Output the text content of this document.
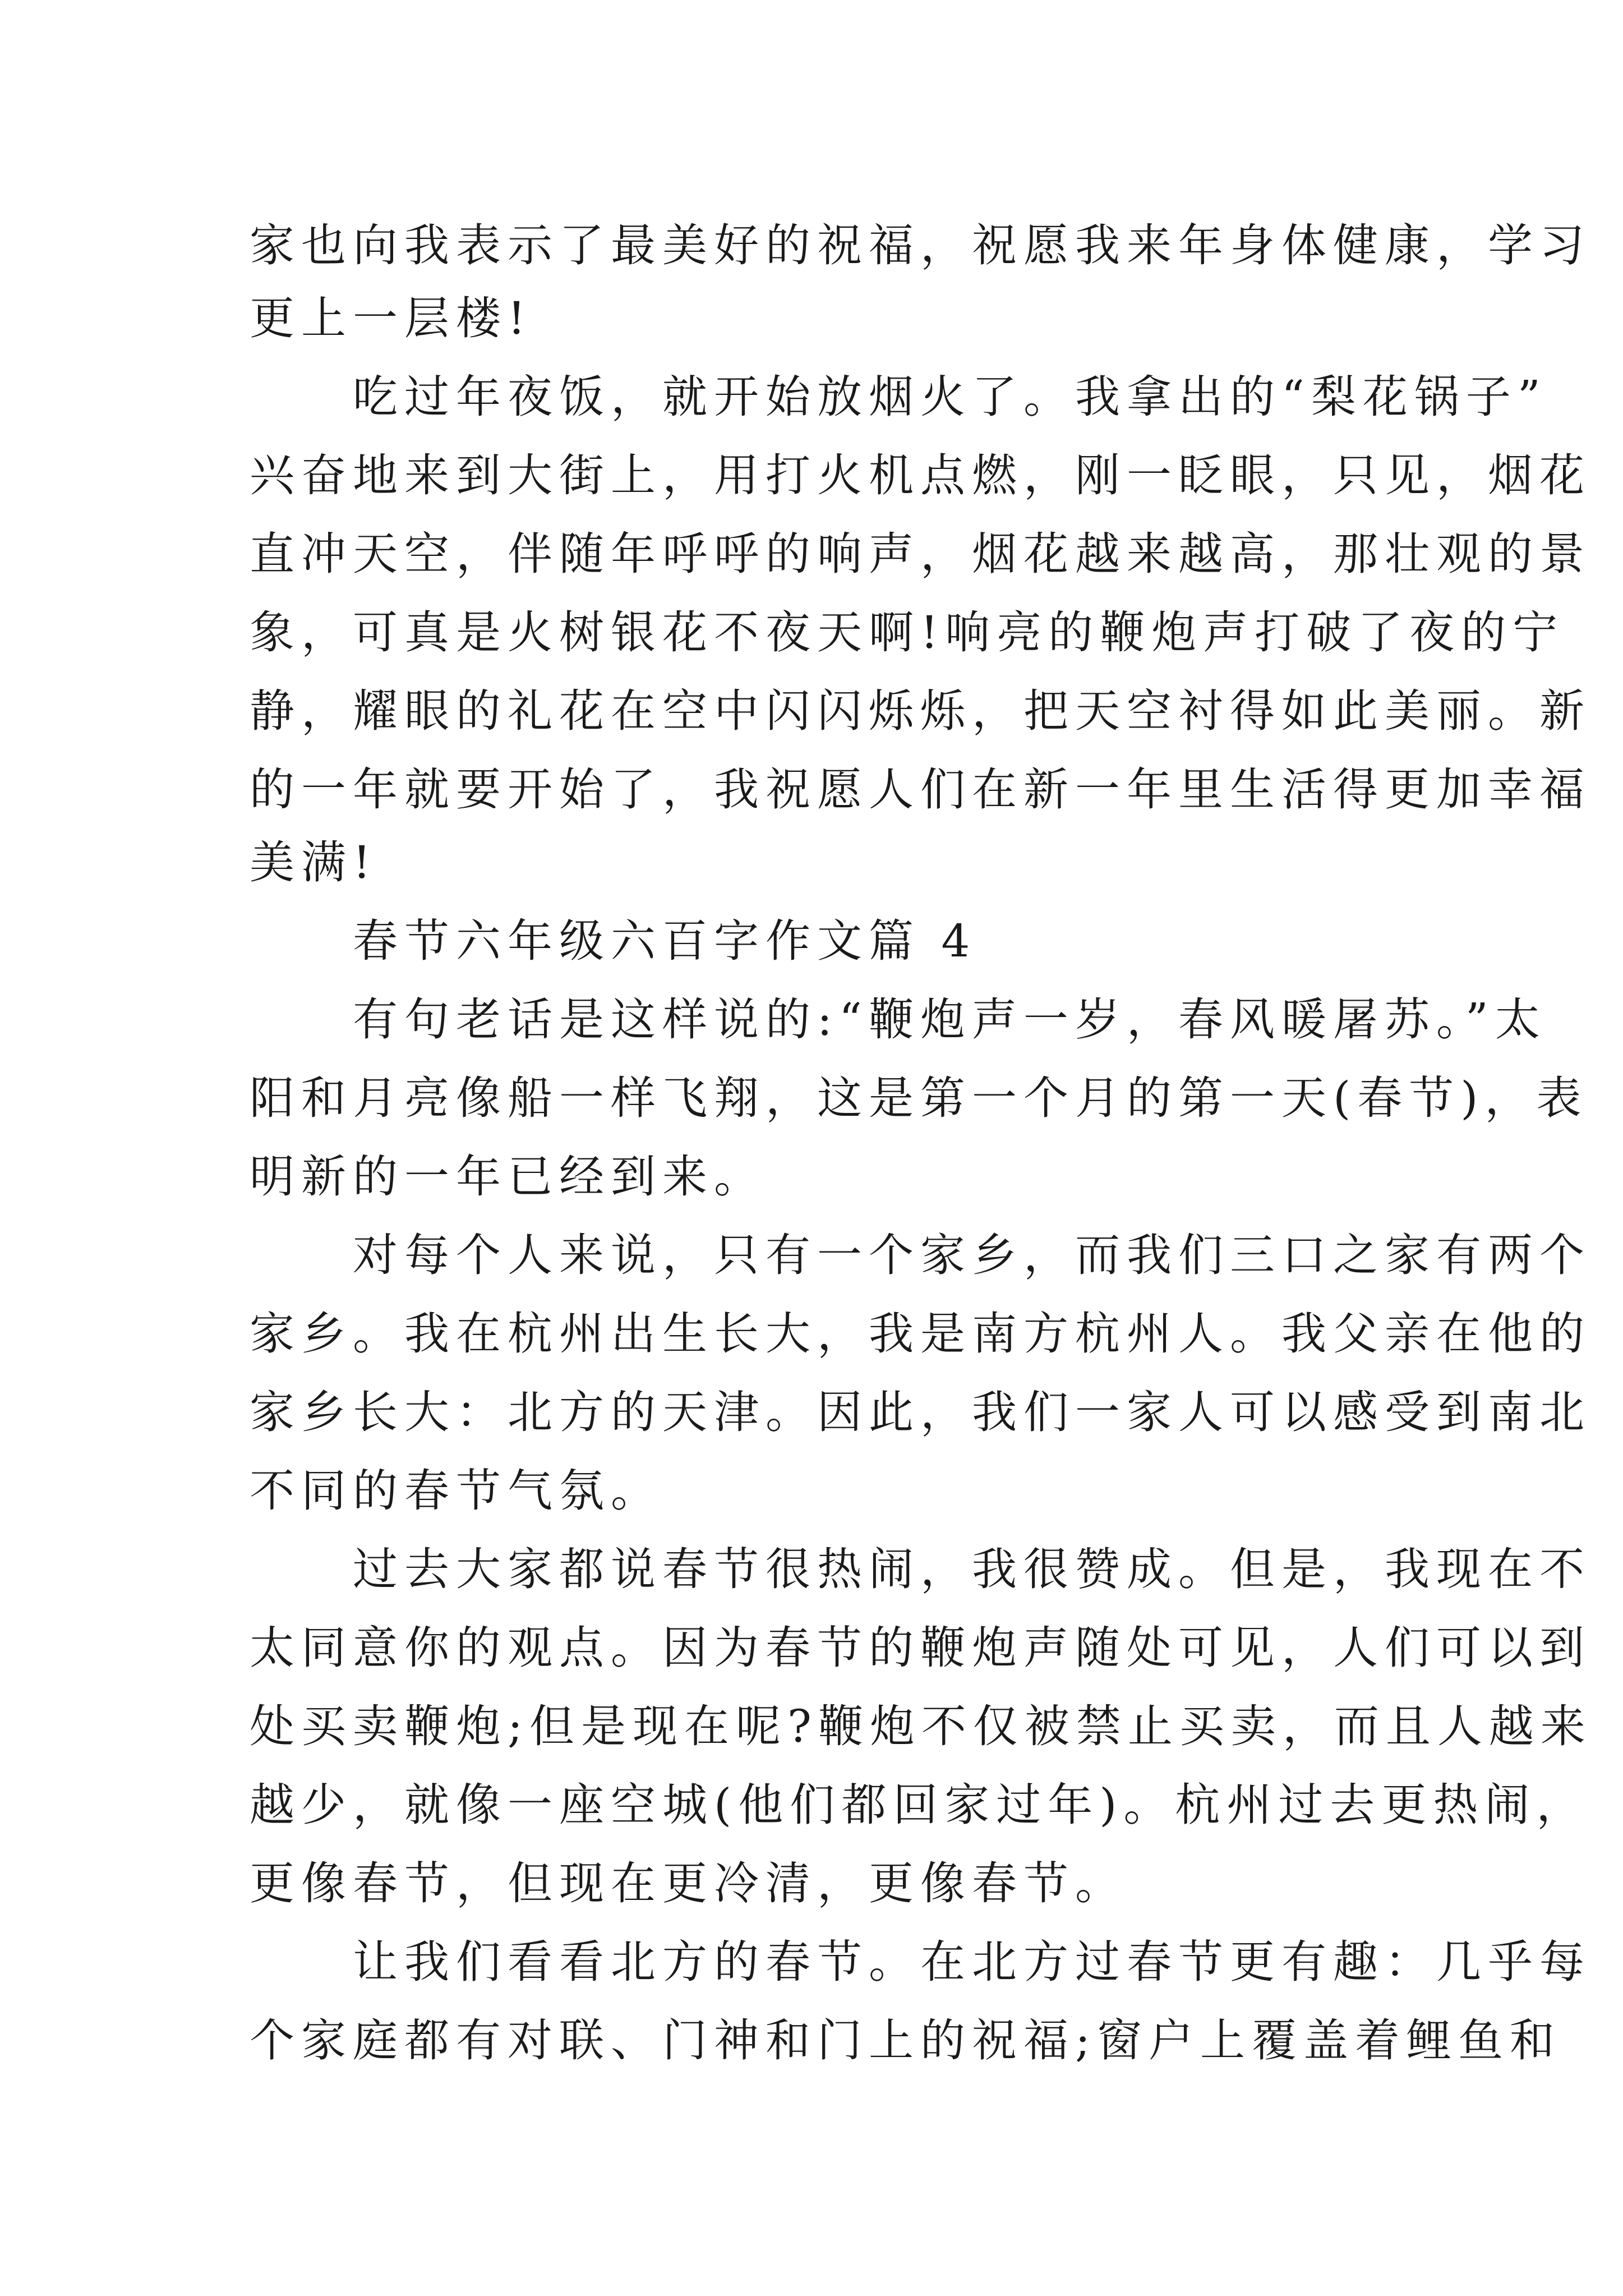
家也向我表示了最美好的祝福，祝愿我来年身体健康，学习
更上一层楼!
　　吃过年夜饭，就开始放烟火了。我拿出的“梨花锅子”
兴奋地来到大街上，用打火机点燃，刚一眨眼，只见，烟花
直冲天空，伴随年呼呼的响声，烟花越来越高，那壮观的景
象，可真是火树银花不夜天啊!响亮的鞭炮声打破了夜的宁
静，耀眼的礼花在空中闪闪烁烁，把天空衬得如此美丽。新
的一年就要开始了，我祝愿人们在新一年里生活得更加幸福
美满!
　　春节六年级六百字作文篇 4
　　有句老话是这样说的:“鞭炮声一岁，春风暖屠苏。”太
阳和月亮像船一样飞翔，这是第一个月的第一天(春节)，表
明新的一年已经到来。
　　对每个人来说，只有一个家乡，而我们三口之家有两个
家乡。我在杭州出生长大，我是南方杭州人。我父亲在他的
家乡长大：北方的天津。因此，我们一家人可以感受到南北
不同的春节气氛。
　　过去大家都说春节很热闹，我很赞成。但是，我现在不
太同意你的观点。因为春节的鞭炮声随处可见，人们可以到
处买卖鞭炮;但是现在呢?鞭炮不仅被禁止买卖，而且人越来
越少，就像一座空城(他们都回家过年)。杭州过去更热闹，
更像春节，但现在更冷清，更像春节。
　　让我们看看北方的春节。在北方过春节更有趣：几乎每
个家庭都有对联、门神和门上的祝福;窗户上覆盖着鲤鱼和
